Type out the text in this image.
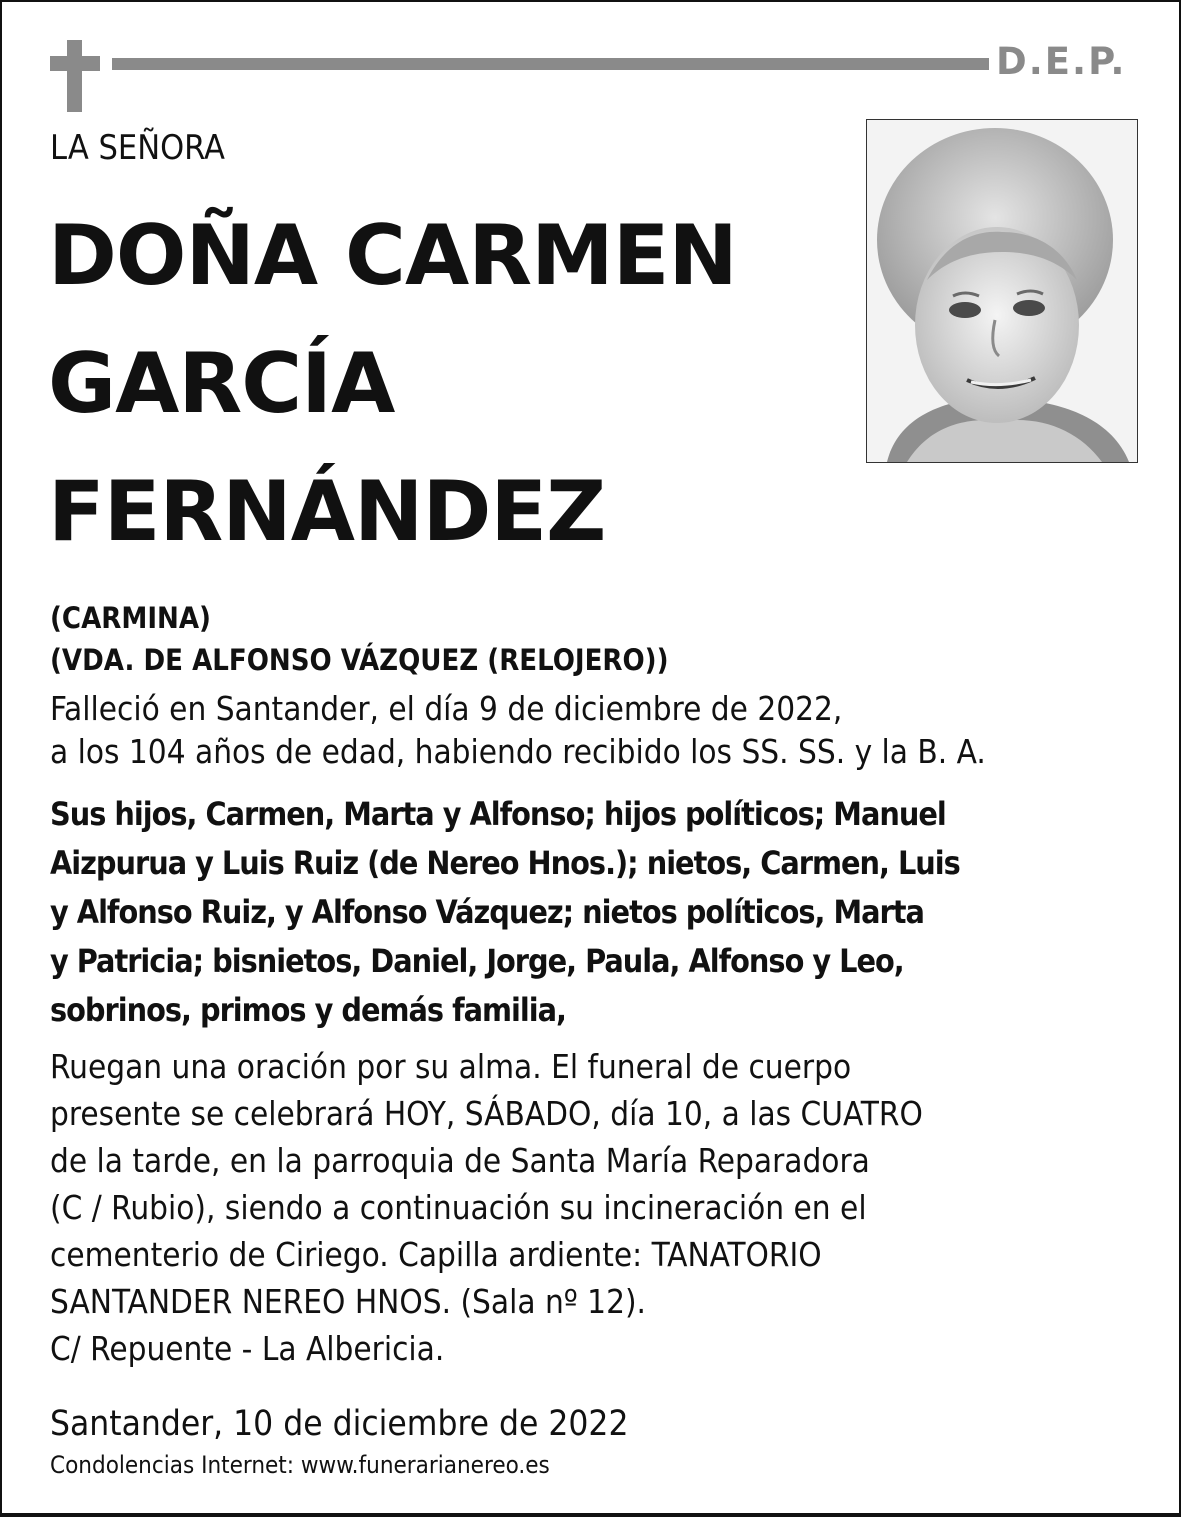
D.E.P.
LA SEÑORA
DOÑA CARMEN
GARCÍA
FERNÁNDEZ
(CARMINA)
(VDA. DE ALFONSO VÁZQUEZ (RELOJERO))
Falleció en Santander, el día 9 de diciembre de 2022,
a los 104 años de edad, habiendo recibido los SS. SS. y la B. A.
Sus hijos, Carmen, Marta y Alfonso; hijos políticos; Manuel
Aizpurua y Luis Ruiz (de Nereo Hnos.); nietos, Carmen, Luis
y Alfonso Ruiz, y Alfonso Vázquez; nietos políticos, Marta
y Patricia; bisnietos, Daniel, Jorge, Paula, Alfonso y Leo,
sobrinos, primos y demás familia,
Ruegan una oración por su alma. El funeral de cuerpo
presente se celebrará HOY, SÁBADO, día 10, a las CUATRO
de la tarde, en la parroquia de Santa María Reparadora
(C / Rubio), siendo a continuación su incineración en el
cementerio de Ciriego. Capilla ardiente: TANATORIO
SANTANDER NEREO HNOS. (Sala nº 12).
C/ Repuente - La Albericia.
Santander, 10 de diciembre de 2022
Condolencias Internet: www.funerarianereo.es
